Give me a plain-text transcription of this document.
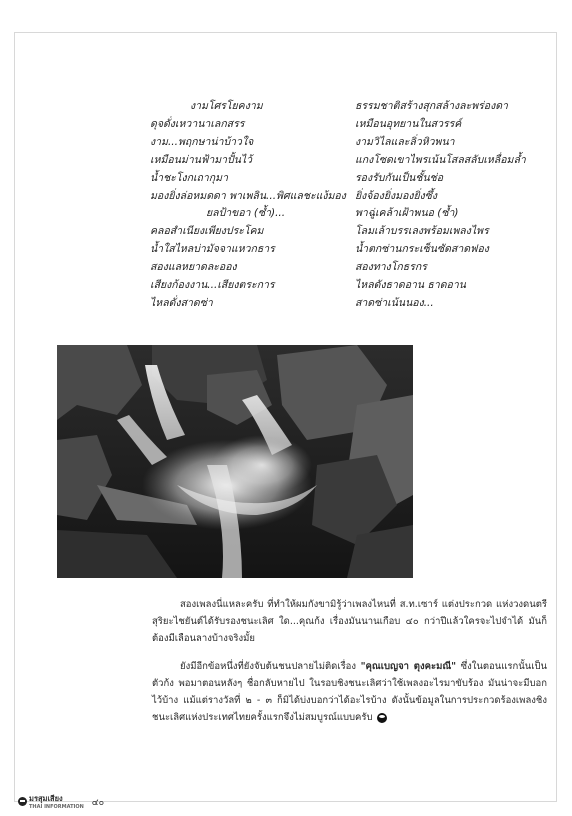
งามโศรโยคงาม
ดุจดั่งเหวานาเลกสรร
งาม...พฤกษาน่าบ้าวใจ
เหมือนม่านฟ้ามาปั้นไว้
น้ำชะโงกเถากุมา
มองยิ่งล่อหมดดา พาเพลิน...พิศแลชะแง้มอง
ยลป้าขอา (ซ้ำ)...
คลอสำเนียงเพียงประโคม
น้ำใสไหลบ่ามัจจาแหวกธาร
สองแลหยาดละออง
เสียงก้องงาน...เสียงตระการ
ไหลดั่งสาดซ่า
ธรรมชาติสร้างสุกสล้างละพร่องดา
เหมือนอุทยานในสวรรค์
งามวิไลและลิ่วหิวพนา
แกงโซดเขาไพรเน้นโสลสลับเหลื่อมล้ำ
รองรับกันเป็นชั้นช่อ
ยิ่งจ้องยิ่งมองยิ่งซึ้ง
พาฉู่เคล้าเฝ้าพนอ (ซ้ำ)
โลมเล้าบรรเลงพร้อมเพลงไพร
น้ำตกซ่านกระเซ็นซัดสาดฟอง
สองทางโกธรกร
ไหลดังธาดอาน ธาดอาน
สาดซ่าเน้นนอง...

สองเพลงนี่แหละครับ ที่ทำให้ผมกังขามิรู้ว่าเพลงไหนที่ ส.ท.เซาร์ แต่งประกวด แห่งวงดนตรีสุริยะไชยันต์ได้รับรองชนะเลิศ ใด...คุณก้ง เรื่องมันนานเกือบ ๔๐ กว่าปีแล้วใครจะไปจำได้ มันก็ต้องมีเลือนลางบ้างจริงมั้ย

ยังมีอีกข้อหนึ่งที่ยังจับต้นชนปลายไม่ติดเรื่อง "คุณเบญจา ตุงคะมณี" ซึ่งในตอนแรกนั้นเป็นตัวก้ง พอมาตอนหลังๆ ชื่อกลับหายไป ในรอบชิงชนะเลิศว่าใช้เพลงอะไรมาขับร้อง มันน่าจะมีบอกไว้บ้าง แม้แต่รางวัลที่ ๒ - ๓ ก็มิได้บ่งบอกว่าได้อะไรบ้าง ดังนั้นข้อมูลในการประกวดร้องเพลงชิงชนะเลิศแห่งประเทศไทยครั้งแรกจึงไม่สมบูรณ์แบบครับ

มรสุมเสียง
THAI INFORMATION ๔๐
